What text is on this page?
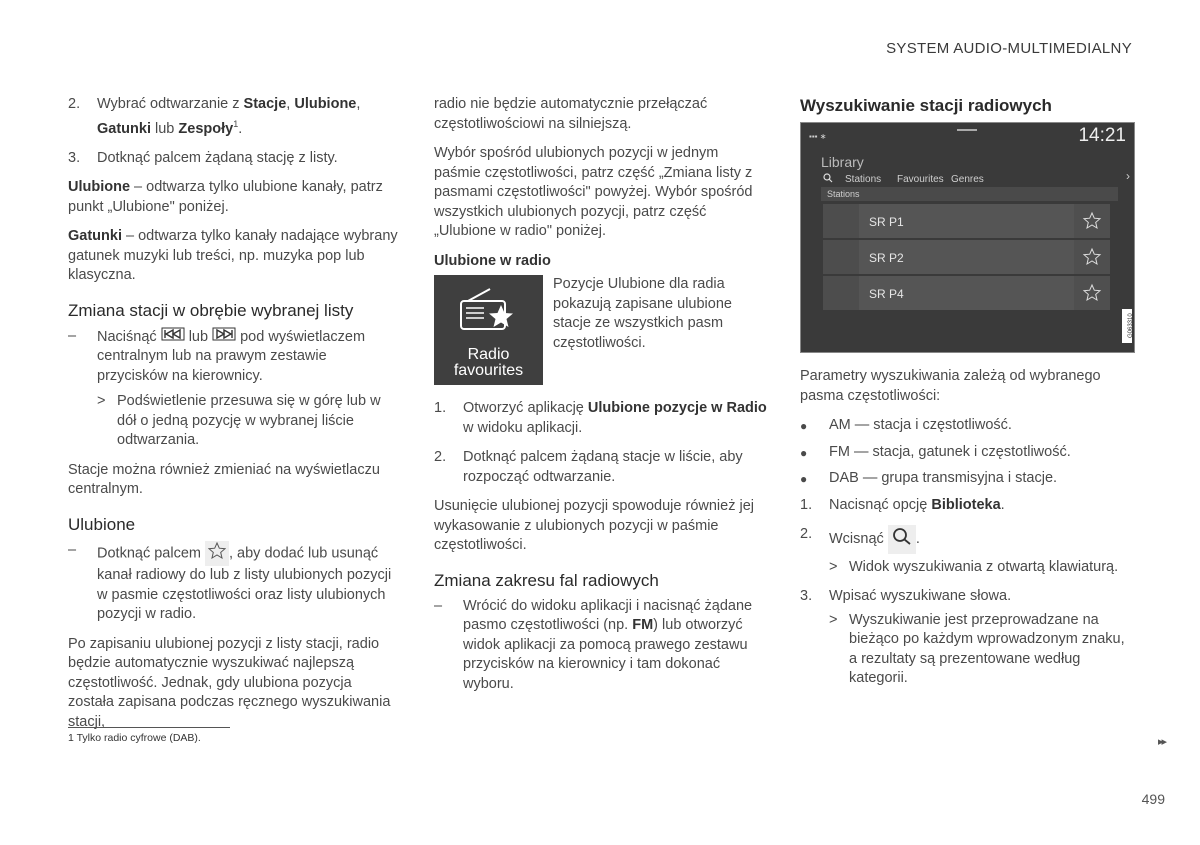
SYSTEM AUDIO-MULTIMEDIALNY
2.	Wybrać odtwarzanie z Stacje, Ulubione,
Gatunki lub Zespoły$^1$.
3.	Dotknąć palcem żądaną stację z listy.

Ulubione – odtwarza tylko ulubione kanały, patrz punkt „Ulubione" poniżej.

Gatunki – odtwarza tylko kanały nadające wybrany gatunek muzyki lub treści, np. muzyka pop lub klasyczna.

Zmiana stacji w obrębie wybranej listy
–	Naciśnąć  lub  pod wyświetlaczem centralnym lub na prawym zestawie przycisków na kierownicy.
> Podświetlenie przesuwa się w górę lub w dół o jedną pozycję w wybranej liście odtwarzania.

Stacje można również zmieniać na wyświetlaczu centralnym.

Ulubione
–	Dotknąć palcem , aby dodać lub usunąć kanał radiowy do lub z listy ulubionych pozycji w pasmie częstotliwości oraz listy ulubionych pozycji w radio.

Po zapisaniu ulubionej pozycji z listy stacji, radio będzie automatycznie wyszukiwać najlepszą częstotliwość. Jednak, gdy ulubiona pozycja została zapisana podczas ręcznego wyszukiwania stacji,

radio nie będzie automatycznie przełączać częstotliwościowi na silniejszą.

Wybór spośród ulubionych pozycji w jednym paśmie częstotliwości, patrz część „Zmiana listy z pasmami częstotliwości" powyżej. Wybór spośród wszystkich ulubionych pozycji, patrz część „Ulubione w radio" poniżej.

Ulubione w radio
Radio
favourites
Pozycje Ulubione dla radia pokazują zapisane ulubione stacje ze wszystkich pasm częstotliwości.
1.	Otworzyć aplikację Ulubione pozycje w Radio w widoku aplikacji.
2.	Dotknąć palcem żądaną stacje w liście, aby rozpocząć odtwarzanie.

Usunięcie ulubionej pozycji spowoduje również jej wykasowanie z ulubionych pozycji w paśmie częstotliwości.

Zmiana zakresu fal radiowych
–	Wrócić do widoku aplikacji i nacisnąć żądane pasmo częstotliwości (np. FM) lub otworzyć widok aplikacji za pomocą prawego zestawu przycisków na kierownicy i tam dokonać wyboru.
Wyszukiwanie stacji radiowych
▪▪▪ ∗	14:21
Library
Stations Favourites Genres	›
Stations
SR P1
SR P2
SR P4
G063310

Parametry wyszukiwania zależą od wybranego pasma częstotliwości:

●	AM — stacja i częstotliwość.
●	FM — stacja, gatunek i częstotliwość.
●	DAB — grupa transmisyjna i stacje.
1.	Nacisnąć opcję Biblioteka.
2.	Wcisnąć .
> Widok wyszukiwania z otwartą klawiaturą.
3.	Wpisać wyszukiwane słowa.
> Wyszukiwanie jest przeprowadzane na bieżąco po każdym wprowadzonym znaku, a rezultaty są prezentowane według kategorii.
1 Tylko radio cyfrowe (DAB).	▸▸
499
